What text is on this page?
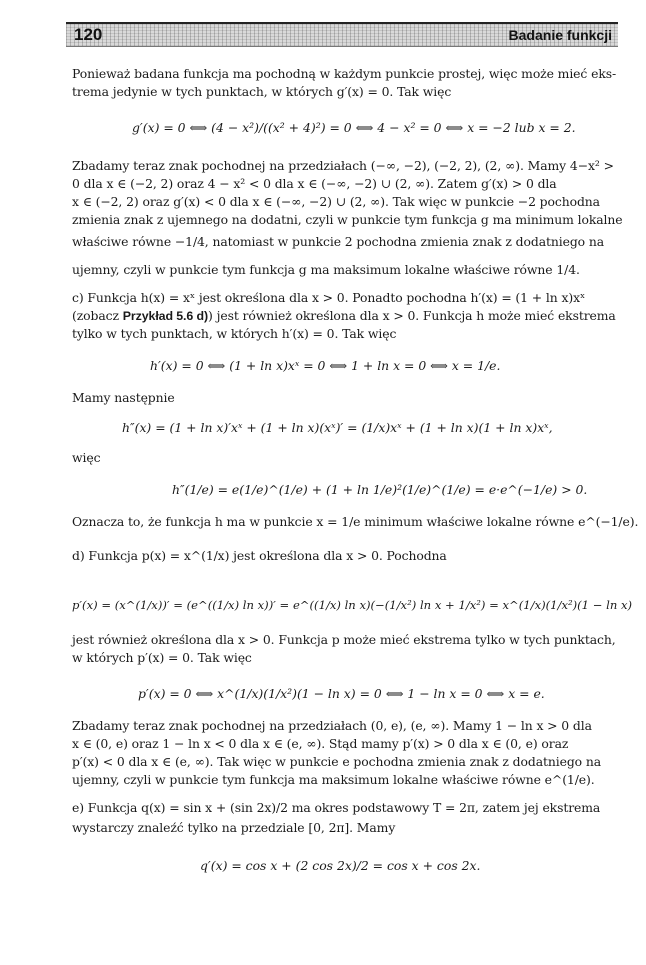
120	Badanie funkcji
Ponieważ badana funkcja ma pochodną w każdym punkcie prostej, więc może mieć eks-
trema jedynie w tych punktach, w których g′(x) = 0. Tak więc
g′(x) = 0 ⟺ (4 − x²)/((x² + 4)²) = 0 ⟺ 4 − x² = 0 ⟺ x = −2 lub x = 2.
Zbadamy teraz znak pochodnej na przedziałach (−∞, −2), (−2, 2), (2, ∞). Mamy 4−x² >
0 dla x ∈ (−2, 2) oraz 4 − x² < 0 dla x ∈ (−∞, −2) ∪ (2, ∞). Zatem g′(x) > 0 dla
x ∈ (−2, 2) oraz g′(x) < 0 dla x ∈ (−∞, −2) ∪ (2, ∞). Tak więc w punkcie −2 pochodna
zmienia znak z ujemnego na dodatni, czyli w punkcie tym funkcja g ma minimum lokalne
właściwe równe −1/4, natomiast w punkcie 2 pochodna zmienia znak z dodatniego na
ujemny, czyli w punkcie tym funkcja g ma maksimum lokalne właściwe równe 1/4.
c) Funkcja h(x) = xˣ jest określona dla x > 0. Ponadto pochodna h′(x) = (1 + ln x)xˣ
(zobacz Przykład 5.6 d)) jest również określona dla x > 0. Funkcja h może mieć ekstrema
tylko w tych punktach, w których h′(x) = 0. Tak więc
h′(x) = 0 ⟺ (1 + ln x)xˣ = 0 ⟺ 1 + ln x = 0 ⟺ x = 1/e.
Mamy następnie
h″(x) = (1 + ln x)′xˣ + (1 + ln x)(xˣ)′ = (1/x)xˣ + (1 + ln x)(1 + ln x)xˣ,
więc
h″(1/e) = e(1/e)^(1/e) + (1 + ln 1/e)²(1/e)^(1/e) = e·e^(−1/e) > 0.
Oznacza to, że funkcja h ma w punkcie x = 1/e minimum właściwe lokalne równe e^(−1/e).
d) Funkcja p(x) = x^(1/x) jest określona dla x > 0. Pochodna
p′(x) = (x^(1/x))′ = (e^((1/x) ln x))′ = e^((1/x) ln x)(−(1/x²) ln x + 1/x²) = x^(1/x)(1/x²)(1 − ln x)
jest również określona dla x > 0. Funkcja p może mieć ekstrema tylko w tych punktach,
w których p′(x) = 0. Tak więc
p′(x) = 0 ⟺ x^(1/x)(1/x²)(1 − ln x) = 0 ⟺ 1 − ln x = 0 ⟺ x = e.
Zbadamy teraz znak pochodnej na przedziałach (0, e), (e, ∞). Mamy 1 − ln x > 0 dla
x ∈ (0, e) oraz 1 − ln x < 0 dla x ∈ (e, ∞). Stąd mamy p′(x) > 0 dla x ∈ (0, e) oraz
p′(x) < 0 dla x ∈ (e, ∞). Tak więc w punkcie e pochodna zmienia znak z dodatniego na
ujemny, czyli w punkcie tym funkcja ma maksimum lokalne właściwe równe e^(1/e).
e) Funkcja q(x) = sin x + (sin 2x)/2 ma okres podstawowy T = 2π, zatem jej ekstrema
wystarczy znaleźć tylko na przedziale [0, 2π]. Mamy
q′(x) = cos x + (2 cos 2x)/2 = cos x + cos 2x.
